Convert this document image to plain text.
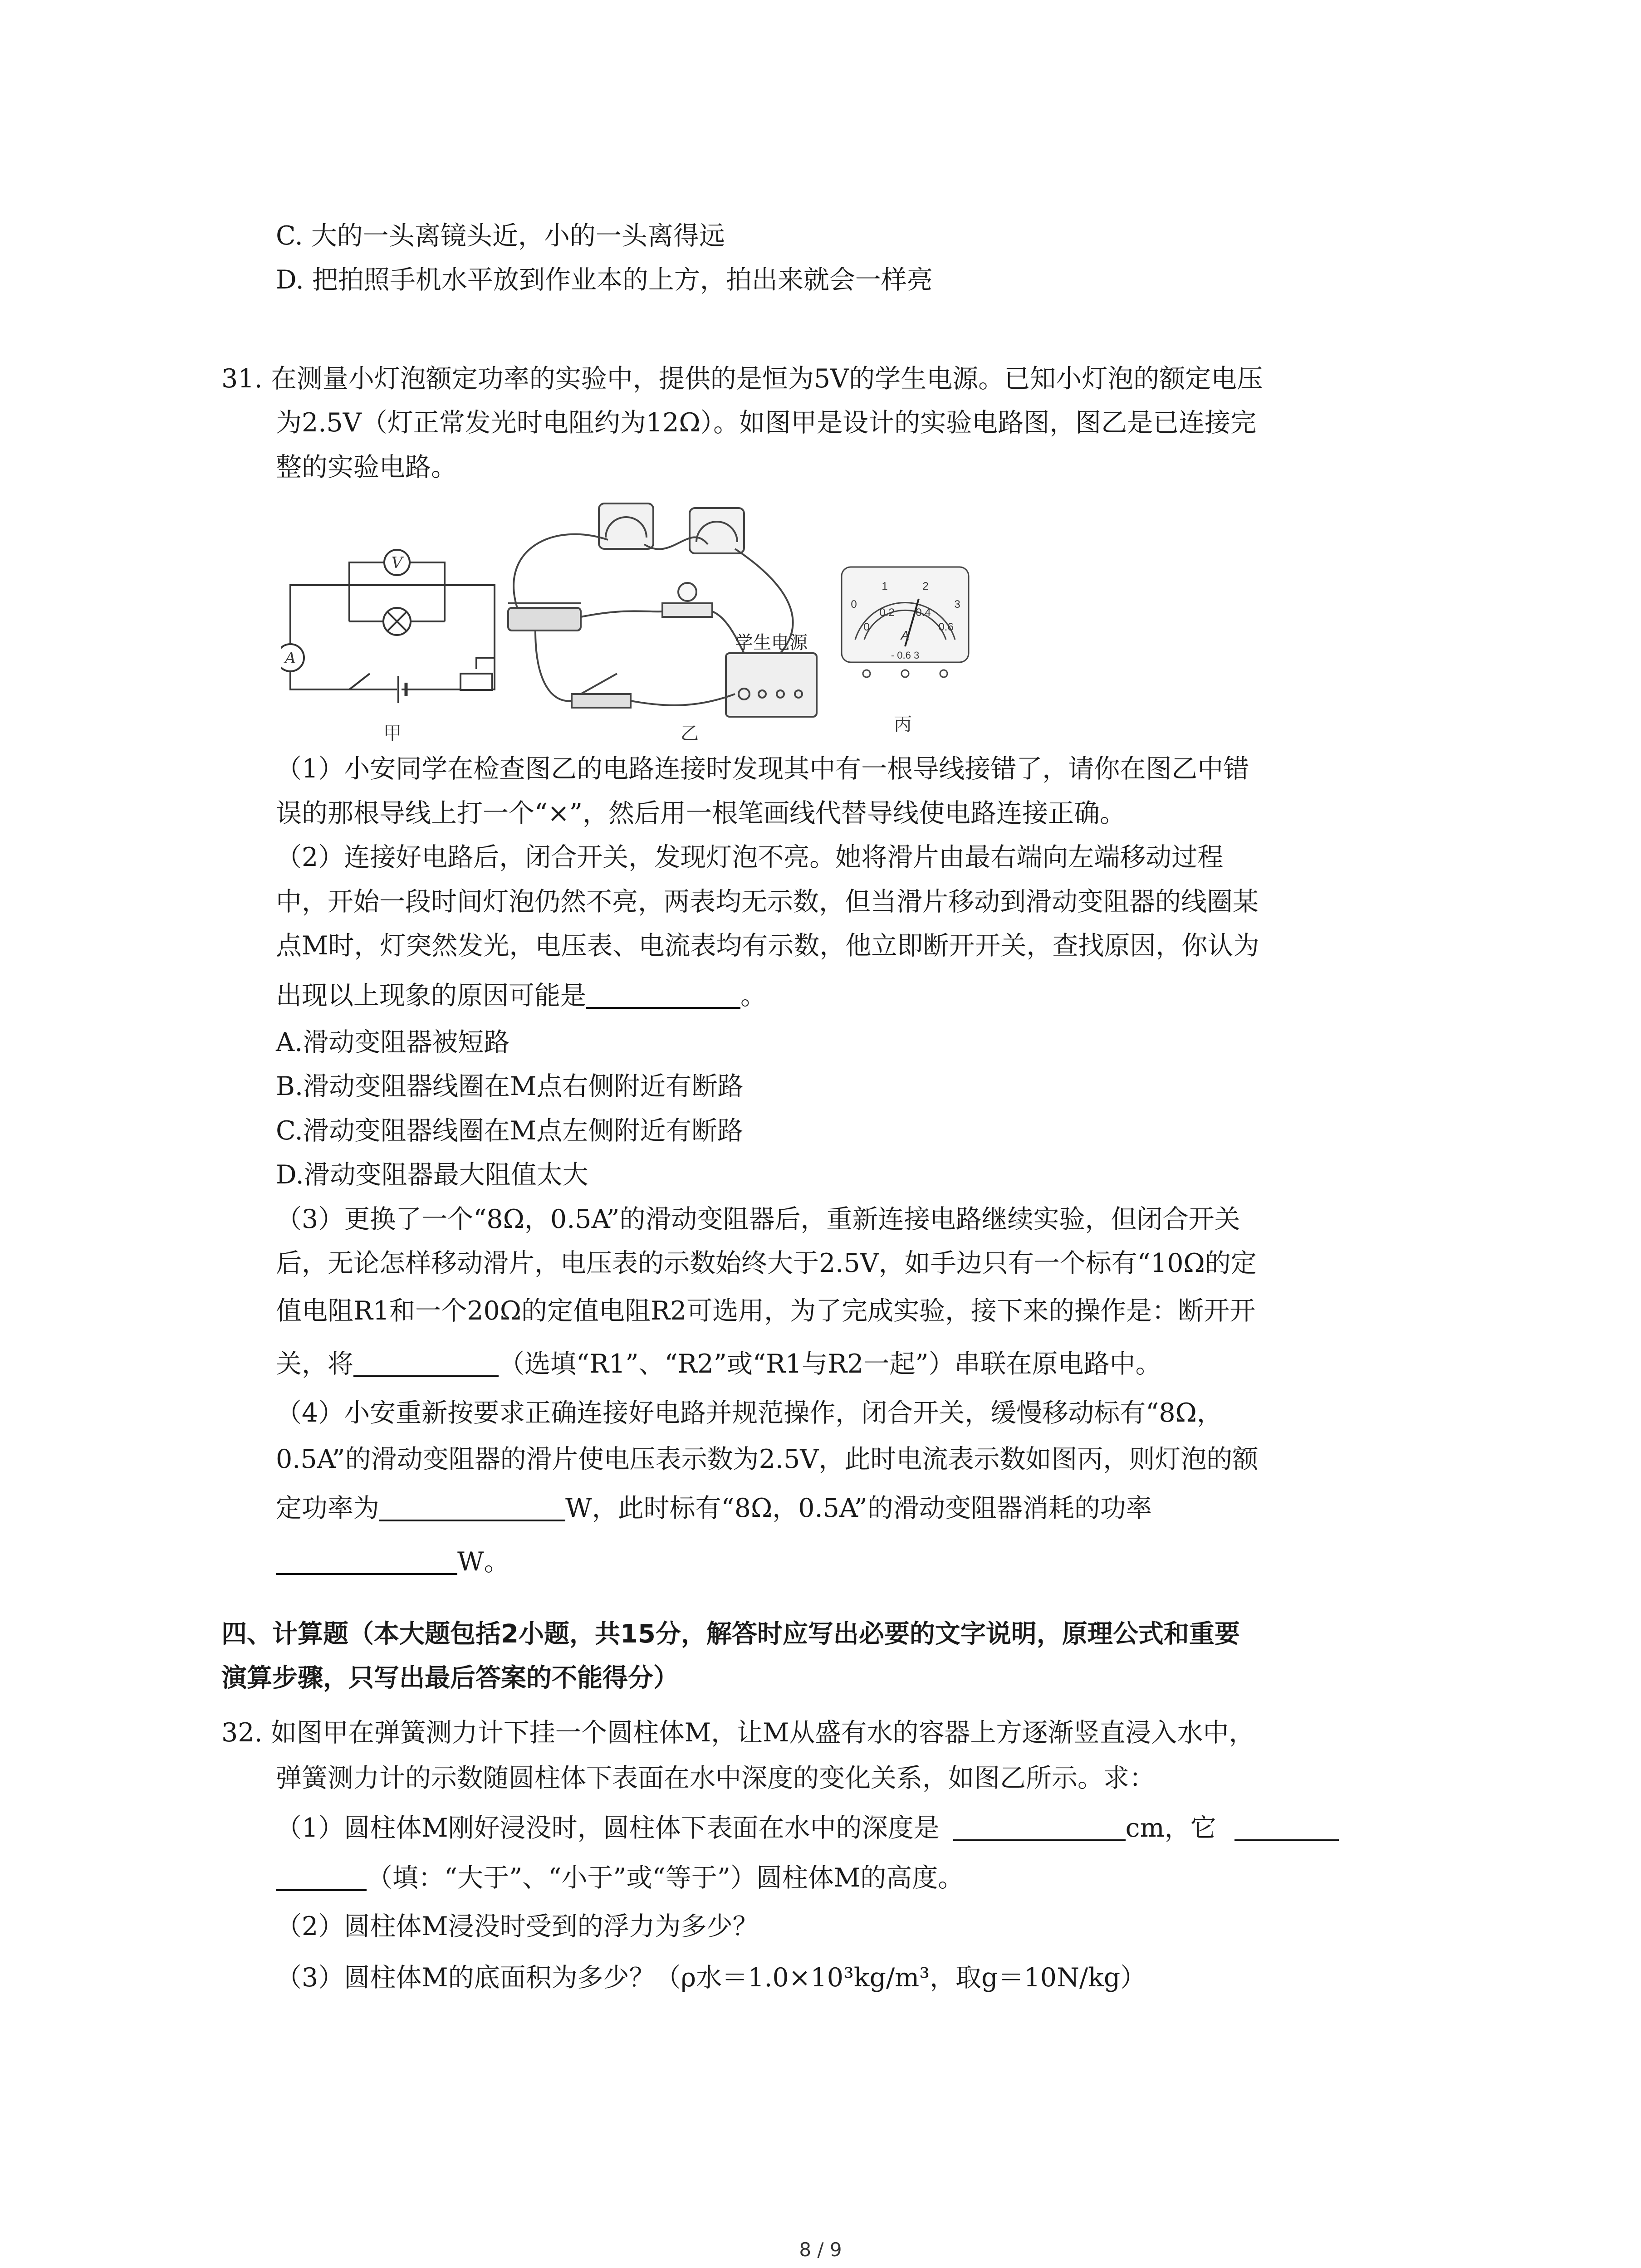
C. 大的一头离镜头近，小的一头离得远
D. 把拍照手机水平放到作业本的上方，拍出来就会一样亮
31. 在测量小灯泡额定功率的实验中，提供的是恒为5V的学生电源。已知小灯泡的额定电压
为2.5V（灯正常发光时电阻约为12Ω）。如图甲是设计的实验电路图，图乙是已连接完
整的实验电路。
V
A
甲
学生电源
乙
0
1	2
3
0
0.2 0.4
0.6
A
- 0.6 3
丙
（1）小安同学在检查图乙的电路连接时发现其中有一根导线接错了，请你在图乙中错
误的那根导线上打一个“×”，然后用一根笔画线代替导线使电路连接正确。
（2）连接好电路后，闭合开关，发现灯泡不亮。她将滑片由最右端向左端移动过程
中，开始一段时间灯泡仍然不亮，两表均无示数，但当滑片移动到滑动变阻器的线圈某
点M时，灯突然发光，电压表、电流表均有示数，他立即断开开关，查找原因，你认为
出现以上现象的原因可能是	。
A.滑动变阻器被短路
B.滑动变阻器线圈在M点右侧附近有断路
C.滑动变阻器线圈在M点左侧附近有断路
D.滑动变阻器最大阻值太大
（3）更换了一个“8Ω，0.5A”的滑动变阻器后，重新连接电路继续实验，但闭合开关
后，无论怎样移动滑片，电压表的示数始终大于2.5V，如手边只有一个标有“10Ω的定
值电阻R1和一个20Ω的定值电阻R2可选用，为了完成实验，接下来的操作是：断开开
关，将	（选填“R1”、“R2”或“R1与R2一起”）串联在原电路中。
（4）小安重新按要求正确连接好电路并规范操作，闭合开关，缓慢移动标有“8Ω，
0.5A”的滑动变阻器的滑片使电压表示数为2.5V，此时电流表示数如图丙，则灯泡的额
定功率为	W，此时标有“8Ω，0.5A”的滑动变阻器消耗的功率
W。
四、计算题（本大题包括2小题，共15分，解答时应写出必要的文字说明，原理公式和重要
演算步骤，只写出最后答案的不能得分）
32. 如图甲在弹簧测力计下挂一个圆柱体M，让M从盛有水的容器上方逐渐竖直浸入水中，
弹簧测力计的示数随圆柱体下表面在水中深度的变化关系，如图乙所示。求：
（1）圆柱体M刚好浸没时，圆柱体下表面在水中的深度是	cm，它
（填：“大于”、“小于”或“等于”）圆柱体M的高度。
（2）圆柱体M浸没时受到的浮力为多少？
（3）圆柱体M的底面积为多少？（ρ水＝1.0×10³kg/m³，取g＝10N/kg）
8 / 9
